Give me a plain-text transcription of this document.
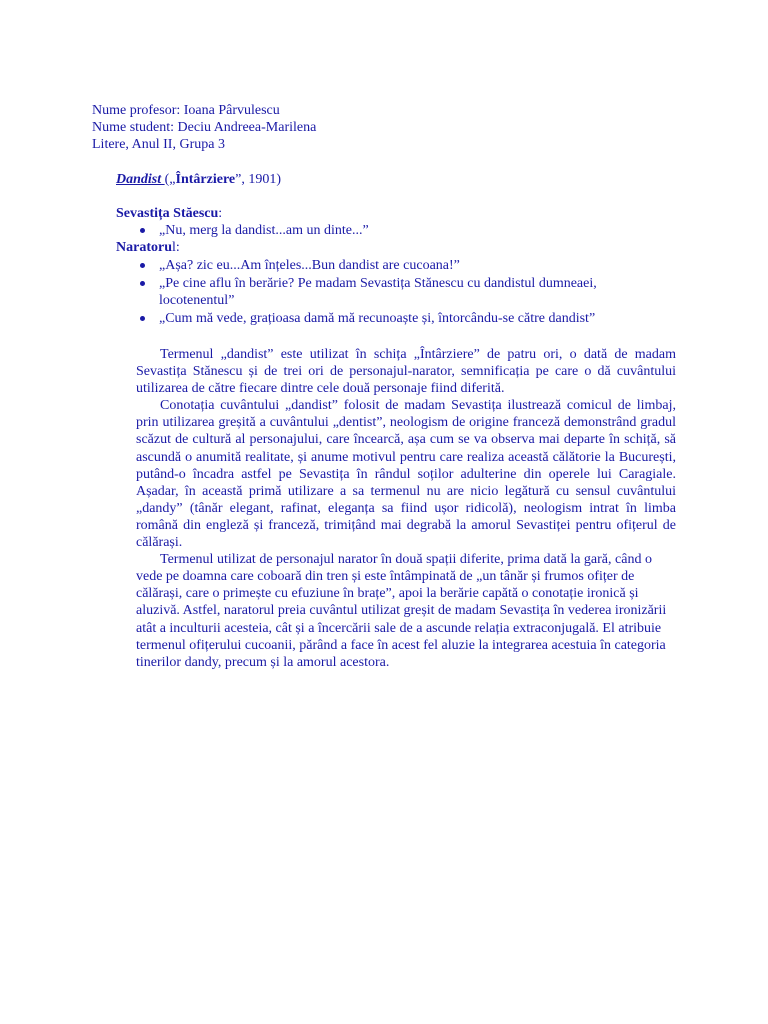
Nume profesor: Ioana Pârvulescu
Nume student: Deciu Andreea-Marilena
Litere, Anul II, Grupa 3
Dandist („Întârziere”, 1901)
Sevastița Stăescu:
„Nu, merg la dandist...am un dinte...”
Naratorul:
„Așa? zic eu...Am înțeles...Bun dandist are cucoana!”
„Pe cine aflu în berărie? Pe madam Sevastița Stănescu cu dandistul dumneaei, locotenentul”
„Cum mă vede, grațioasa damă mă recunoaște și, întorcându-se către dandist”

Termenul „dandist” este utilizat în schița „Întârziere” de patru ori, o dată de madam Sevastița Stănescu și de trei ori de personajul-narator, semnificația pe care o dă cuvântului utilizarea de către fiecare dintre cele două personaje fiind diferită.

Conotația cuvântului „dandist” folosit de madam Sevastița ilustrează comicul de limbaj, prin utilizarea greșită a cuvântului „dentist”, neologism de origine franceză demonstrând gradul scăzut de cultură al personajului, care încearcă, așa cum se va observa mai departe în schiță, să ascundă o anumită realitate, și anume motivul pentru care realiza această călătorie la București, putând-o încadra astfel pe Sevastița în rândul soților adulterine din operele lui Caragiale. Așadar, în această primă utilizare a sa termenul nu are nicio legătură cu sensul cuvântului „dandy” (tânăr elegant, rafinat, eleganța sa fiind ușor ridicolă), neologism intrat în limba română din engleză și franceză, trimițând mai degrabă la amorul Sevastiței pentru ofițerul de călărași.

Termenul utilizat de personajul narator în două spații diferite, prima dată la gară, când o vede pe doamna care coboară din tren și este întâmpinată de „un tânăr și frumos ofițer de călărași, care o primește cu efuziune în brațe”, apoi la berărie capătă o conotație ironică și aluzivă. Astfel, naratorul preia cuvântul utilizat greșit de madam Sevastița în vederea ironizării atât a inculturii acesteia, cât și a încercării sale de a ascunde relația extraconjugală. El atribuie termenul ofițerului cucoanii, părând a face în acest fel aluzie la integrarea acestuia în categoria tinerilor dandy, precum și la amorul acestora.
